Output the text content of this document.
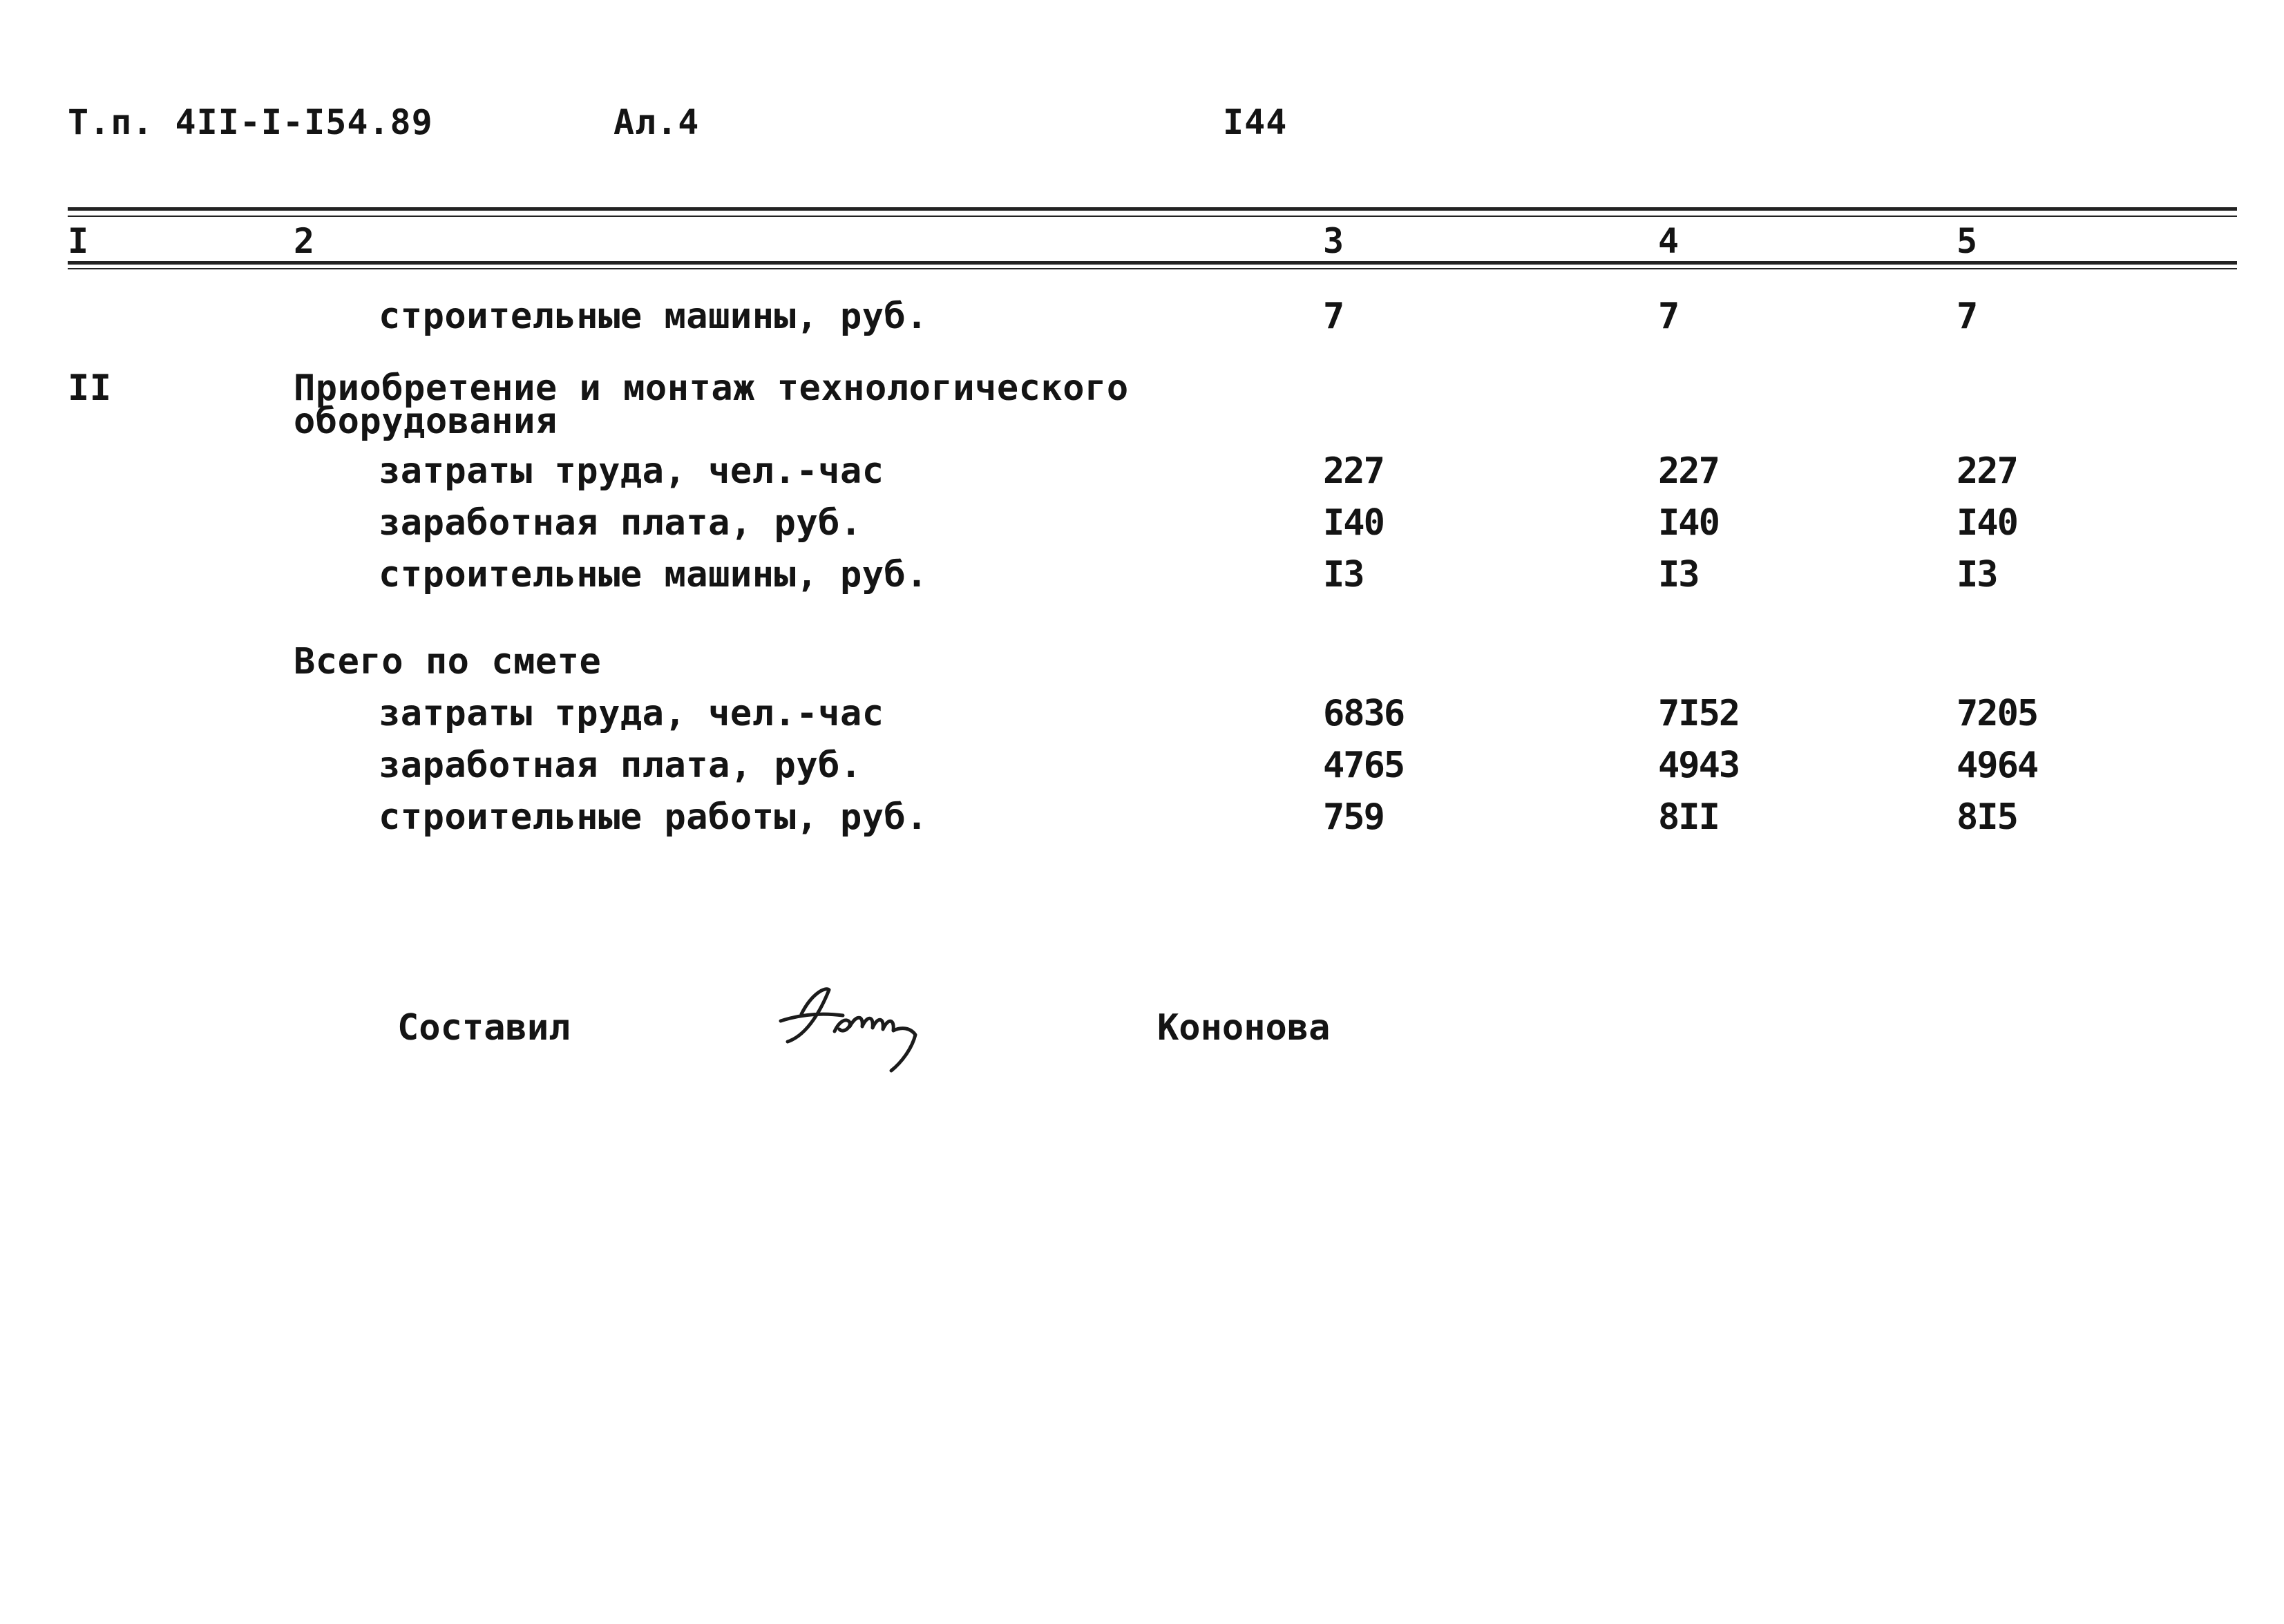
Т.п. 4II-I-I54.89	Ал.4	I44
I	2	3	4	5
строительные машины, руб.	7	7	7
II	Приобретение и монтаж технологического
оборудования
затраты труда, чел.-час	227	227	227
заработная плата, руб.	I40	I40	I40
строительные машины, руб.	I3	I3	I3
Всего по смете
затраты труда, чел.-час	6836	7I52	7205
заработная плата, руб.	4765	4943	4964
строительные работы, руб.	759	8II	8I5
Составил	Кононова
